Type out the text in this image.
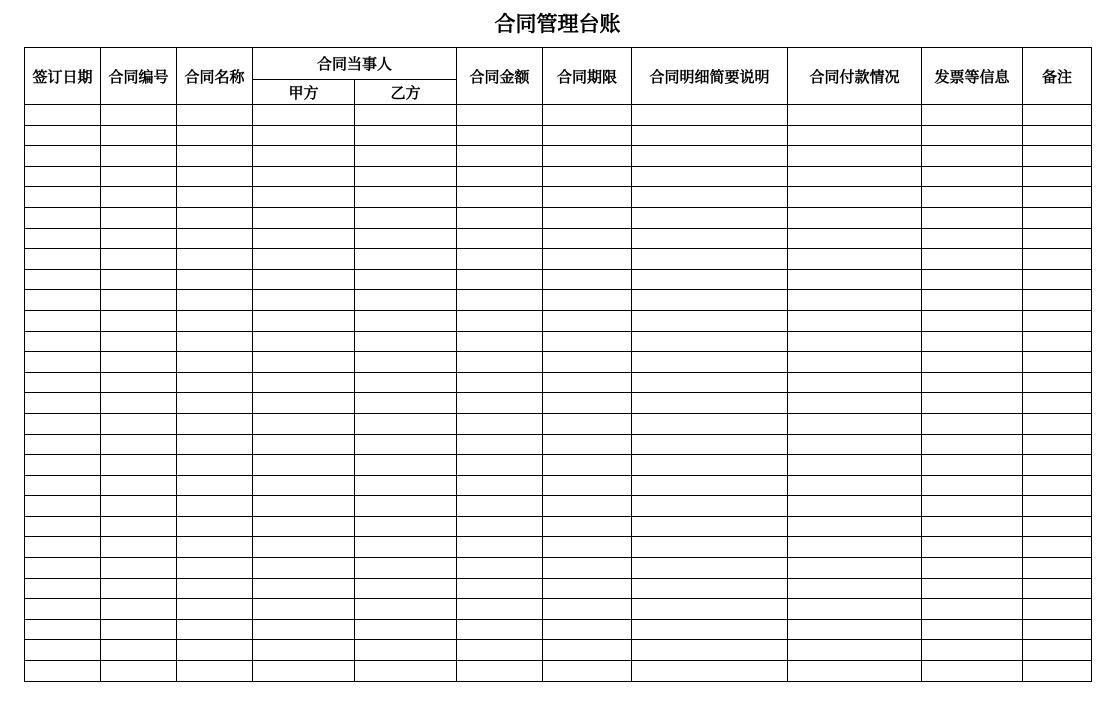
合同管理台账
签订日期	合同编号	合同名称	合同当事人		合同金额	合同期限	合同明细简要说明	合同付款情况	发票等信息	备注
			甲方	乙方						
